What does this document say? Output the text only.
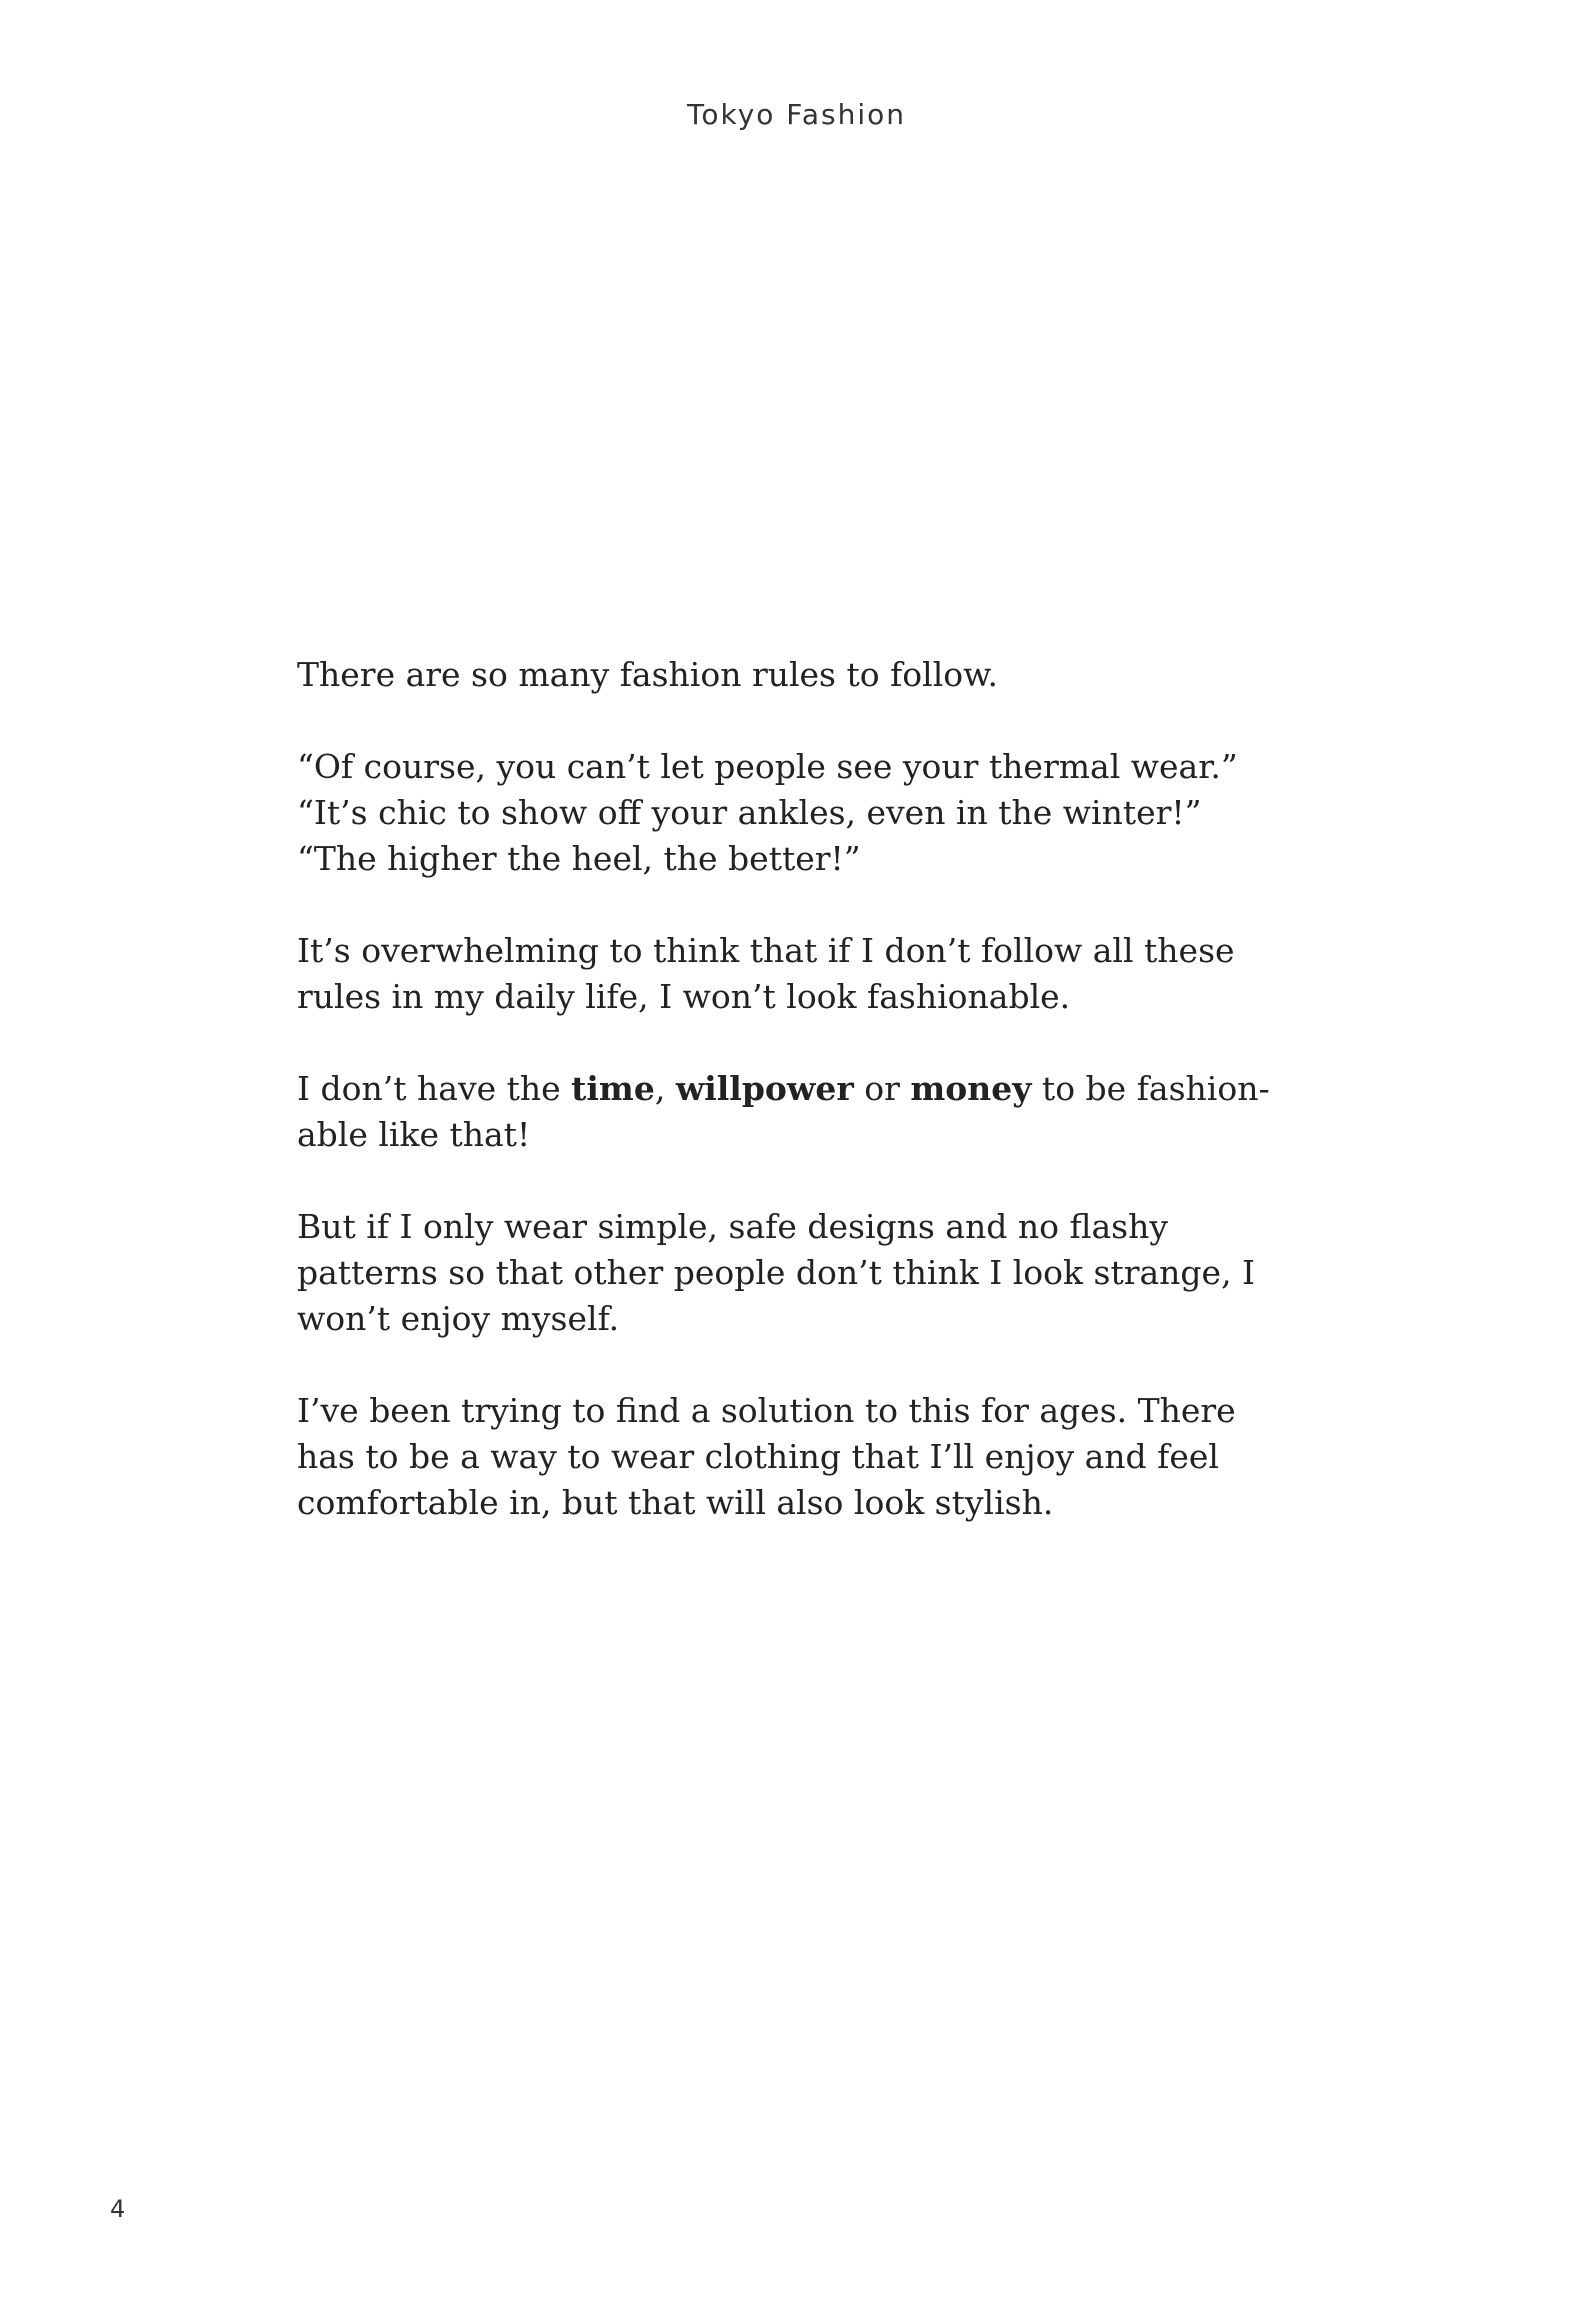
Tokyo Fashion

There are so many fashion rules to follow.

“Of course, you can’t let people see your thermal wear.”
“It’s chic to show off your ankles, even in the winter!”
“The higher the heel, the better!”

It’s overwhelming to think that if I don’t follow all these
rules in my daily life, I won’t look fashionable.

I don’t have the time, willpower or money to be fashion-
able like that!

But if I only wear simple, safe designs and no flashy
patterns so that other people don’t think I look strange, I
won’t enjoy myself.

I’ve been trying to find a solution to this for ages. There
has to be a way to wear clothing that I’ll enjoy and feel
comfortable in, but that will also look stylish.

4
